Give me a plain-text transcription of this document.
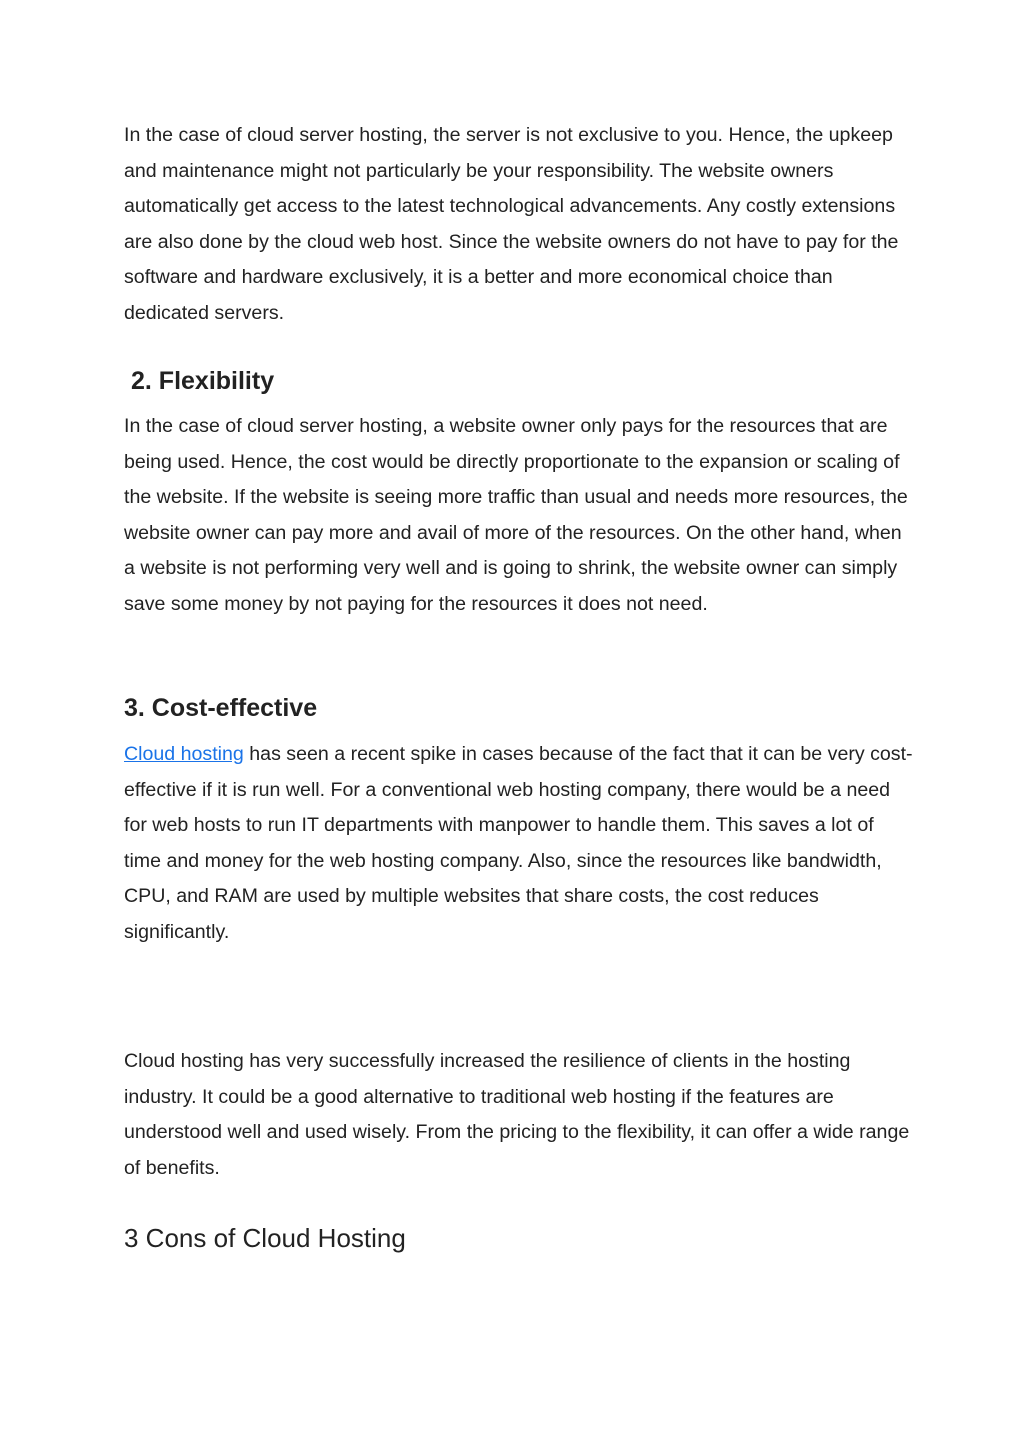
In the case of cloud server hosting, the server is not exclusive to you. Hence, the upkeep and maintenance might not particularly be your responsibility. The website owners automatically get access to the latest technological advancements. Any costly extensions are also done by the cloud web host. Since the website owners do not have to pay for the software and hardware exclusively, it is a better and more economical choice than dedicated servers.

2. Flexibility

In the case of cloud server hosting, a website owner only pays for the resources that are being used. Hence, the cost would be directly proportionate to the expansion or scaling of the website. If the website is seeing more traffic than usual and needs more resources, the website owner can pay more and avail of more of the resources. On the other hand, when a website is not performing very well and is going to shrink, the website owner can simply save some money by not paying for the resources it does not need.

3. Cost-effective

Cloud hosting has seen a recent spike in cases because of the fact that it can be very cost-effective if it is run well. For a conventional web hosting company, there would be a need for web hosts to run IT departments with manpower to handle them. This saves a lot of time and money for the web hosting company. Also, since the resources like bandwidth, CPU, and RAM are used by multiple websites that share costs, the cost reduces significantly.

Cloud hosting has very successfully increased the resilience of clients in the hosting industry. It could be a good alternative to traditional web hosting if the features are understood well and used wisely. From the pricing to the flexibility, it can offer a wide range of benefits.

3 Cons of Cloud Hosting
